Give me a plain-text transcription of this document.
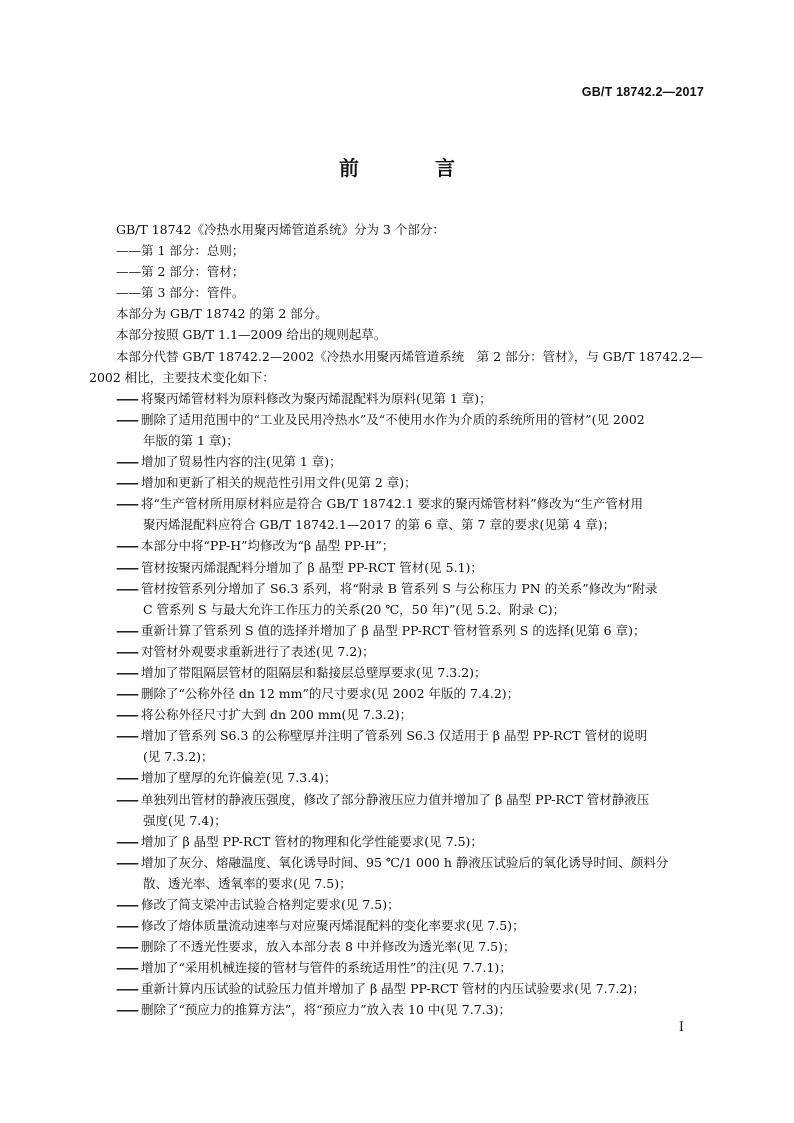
GB/T 18742.2—2017
前　言
GB/T 18742《冷热水用聚丙烯管道系统》分为 3 个部分：
——第 1 部分：总则；
——第 2 部分：管材；
——第 3 部分：管件。
本部分为 GB/T 18742 的第 2 部分。
本部分按照 GB/T 1.1—2009 给出的规则起草。
本部分代替 GB/T 18742.2—2002《冷热水用聚丙烯管道系统　第 2 部分：管材》，与 GB/T 18742.2—
2002 相比，主要技术变化如下：
—— 将聚丙烯管材料为原料修改为聚丙烯混配料为原料(见第 1 章)；
—— 删除了适用范围中的“工业及民用冷热水”及“不使用水作为介质的系统所用的管材”(见 2002
年版的第 1 章)；
—— 增加了贸易性内容的注(见第 1 章)；
—— 增加和更新了相关的规范性引用文件(见第 2 章)；
—— 将“生产管材所用原材料应是符合 GB/T 18742.1 要求的聚丙烯管材料”修改为“生产管材用
聚丙烯混配料应符合 GB/T 18742.1—2017 的第 6 章、第 7 章的要求(见第 4 章)；
—— 本部分中将“PP-H”均修改为“β 晶型 PP-H”；
—— 管材按聚丙烯混配料分增加了 β 晶型 PP-RCT 管材(见 5.1)；
—— 管材按管系列分增加了 S6.3 系列，将“附录 B 管系列 S 与公称压力 PN 的关系”修改为“附录
C 管系列 S 与最大允许工作压力的关系(20 ℃，50 年)”(见 5.2、附录 C)；
—— 重新计算了管系列 S 值的选择并增加了 β 晶型 PP-RCT 管材管系列 S 的选择(见第 6 章)；
—— 对管材外观要求重新进行了表述(见 7.2)；
—— 增加了带阻隔层管材的阻隔层和黏接层总壁厚要求(见 7.3.2)；
—— 删除了“公称外径 dn 12 mm”的尺寸要求(见 2002 年版的 7.4.2)；
—— 将公称外径尺寸扩大到 dn 200 mm(见 7.3.2)；
—— 增加了管系列 S6.3 的公称壁厚并注明了管系列 S6.3 仅适用于 β 晶型 PP-RCT 管材的说明
(见 7.3.2)；
—— 增加了壁厚的允许偏差(见 7.3.4)；
—— 单独列出管材的静液压强度，修改了部分静液压应力值并增加了 β 晶型 PP-RCT 管材静液压
强度(见 7.4)；
—— 增加了 β 晶型 PP-RCT 管材的物理和化学性能要求(见 7.5)；
—— 增加了灰分、熔融温度、氧化诱导时间、95 ℃/1 000 h 静液压试验后的氧化诱导时间、颜料分
散、透光率、透氧率的要求(见 7.5)；
—— 修改了简支梁冲击试验合格判定要求(见 7.5)；
—— 修改了熔体质量流动速率与对应聚丙烯混配料的变化率要求(见 7.5)；
—— 删除了不透光性要求，放入本部分表 8 中并修改为透光率(见 7.5)；
—— 增加了“采用机械连接的管材与管件的系统适用性”的注(见 7.7.1)；
—— 重新计算内压试验的试验压力值并增加了 β 晶型 PP-RCT 管材的内压试验要求(见 7.7.2)；
—— 删除了“预应力的推算方法”，将“预应力”放入表 10 中(见 7.7.3)；
I
